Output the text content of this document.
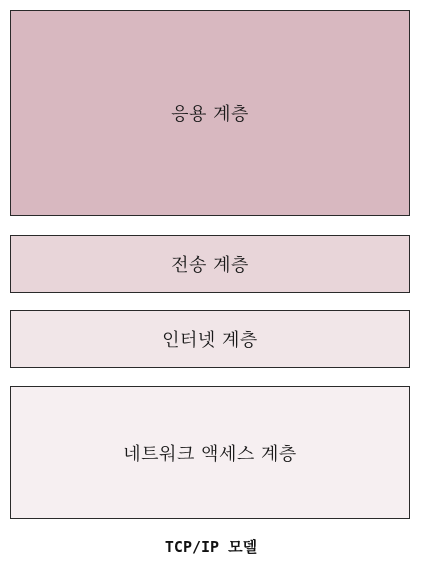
응용 계층
전송 계층
인터넷 계층
네트워크 액세스 계층
TCP/IP 모델
